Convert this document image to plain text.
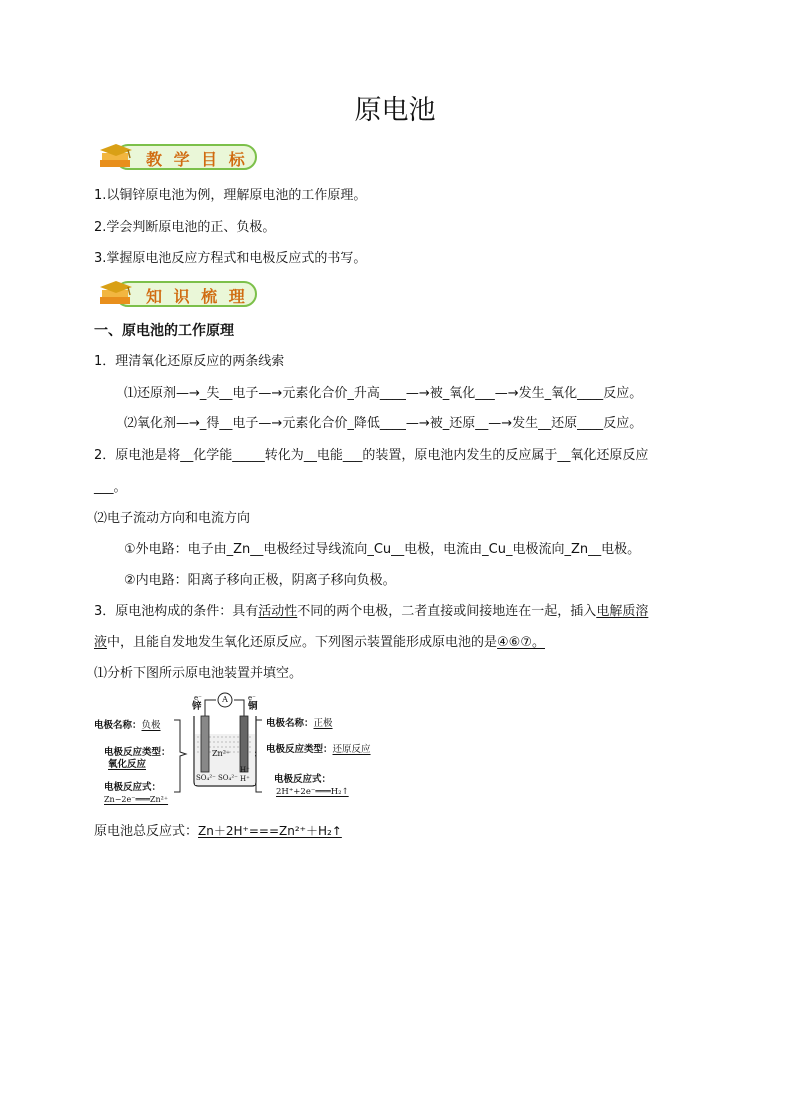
原电池
教 学 目 标
1.以铜锌原电池为例，理解原电池的工作原理。
2.学会判断原电池的正、负极。
3.掌握原电池反应方程式和电极反应式的书写。
知 识 梳 理
一、原电池的工作原理
1．理清氧化还原反应的两条线索
⑴还原剂—→_失__电子—→元素化合价_升高____—→被_氧化___—→发生_氧化____反应。
⑵氧化剂—→_得__电子—→元素化合价_降低____—→被_还原__—→发生__还原____反应。
2．原电池是将__化学能_____转化为__电能___的装置，原电池内发生的反应属于__氧化还原反应
___。
⑵电子流动方向和电流方向
①外电路：电子由_Zn__电极经过导线流向_Cu__电极，电流由_Cu_电极流向_Zn__电极。
②内电路：阳离子移向正极，阴离子移向负极。
3．原电池构成的条件：具有活动性不同的两个电极，二者直接或间接地连在一起，插入电解质溶
液中，且能自发地发生氧化还原反应。下列图示装置能形成原电池的是④⑥⑦。
⑴分析下图所示原电池装置并填空。
A
e⁻	e⁻
锌	铜
Zn²⁺
SO₄²⁻ SO₄²⁻
H⁺
H⁺
电极名称：负极
电极反应类型：
氧化反应
电极反应式：
Zn−2e⁻═══Zn²⁺
电极名称：正极
电极反应类型：还原反应
电极反应式：
2H⁺+2e⁻═══H₂↑
原电池总反应式：Zn＋2H⁺===Zn²⁺＋H₂↑
